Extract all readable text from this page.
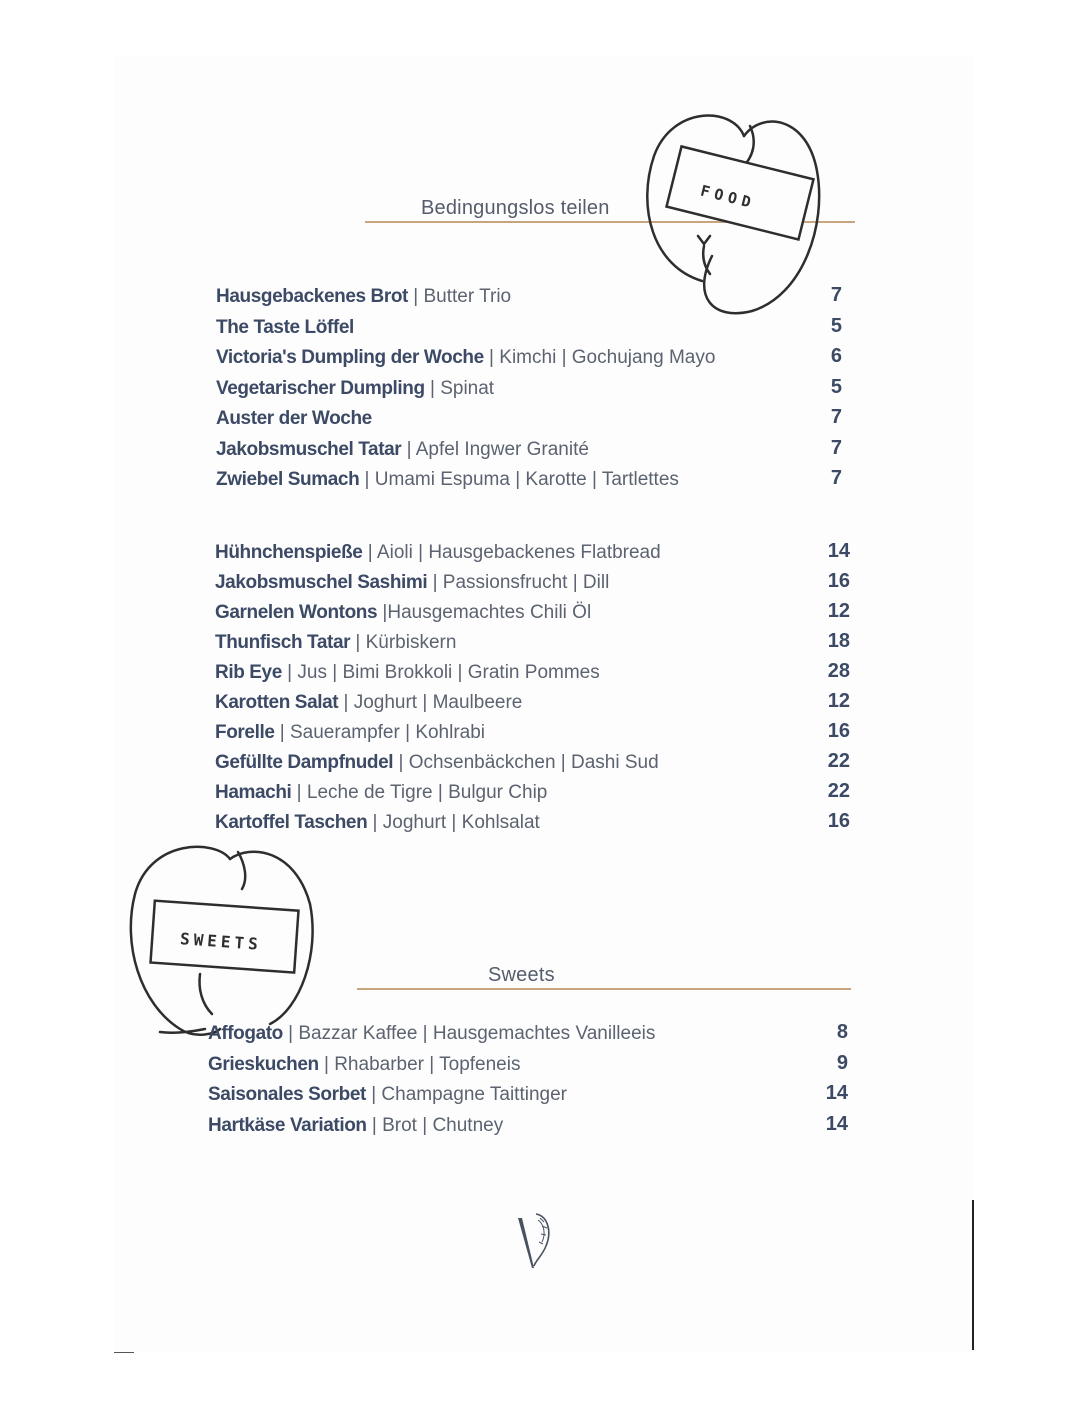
Bedingungslos teilen	FOOD
Hausgebackenes Brot | Butter Trio	7
The Taste Löffel	5
Victoria's Dumpling der Woche | Kimchi | Gochujang Mayo	6
Vegetarischer Dumpling | Spinat	5
Auster der Woche	7
Jakobsmuschel Tatar | Apfel Ingwer Granité	7
Zwiebel Sumach | Umami Espuma | Karotte | Tartlettes	7
Hühnchenspieße | Aioli | Hausgebackenes Flatbread	14
Jakobsmuschel Sashimi | Passionsfrucht | Dill	16
Garnelen Wontons |Hausgemachtes Chili Öl	12
Thunfisch Tatar | Kürbiskern	18
Rib Eye | Jus | Bimi Brokkoli | Gratin Pommes	28
Karotten Salat | Joghurt | Maulbeere	12
Forelle | Sauerampfer | Kohlrabi	16
Gefüllte Dampfnudel | Ochsenbäckchen | Dashi Sud	22
Hamachi | Leche de Tigre | Bulgur Chip	22
Kartoffel Taschen | Joghurt | Kohlsalat	16
SWEETS
Sweets
Affogato | Bazzar Kaffee | Hausgemachtes Vanilleeis	8
Grieskuchen | Rhabarber | Topfeneis	9
Saisonales Sorbet | Champagne Taittinger	14
Hartkäse Variation | Brot | Chutney	14
